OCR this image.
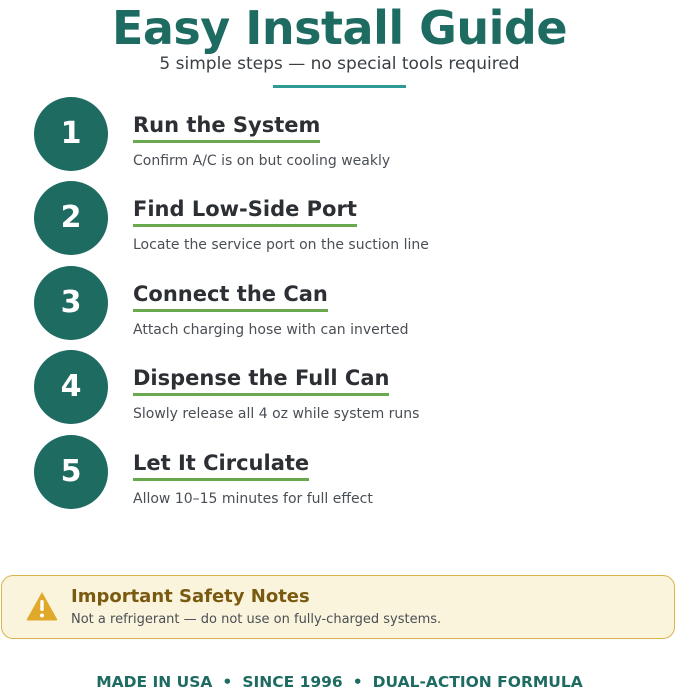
Easy Install Guide
5 simple steps — no special tools required
1	Run the System
Confirm A/C is on but cooling weakly
2	Find Low-Side Port
Locate the service port on the suction line
3	Connect the Can
Attach charging hose with can inverted
4	Dispense the Full Can
Slowly release all 4 oz while system runs
5	Let It Circulate
Allow 10–15 minutes for full effect
Important Safety Notes
Not a refrigerant — do not use on fully-charged systems.
MADE IN USA • SINCE 1996 • DUAL-ACTION FORMULA
